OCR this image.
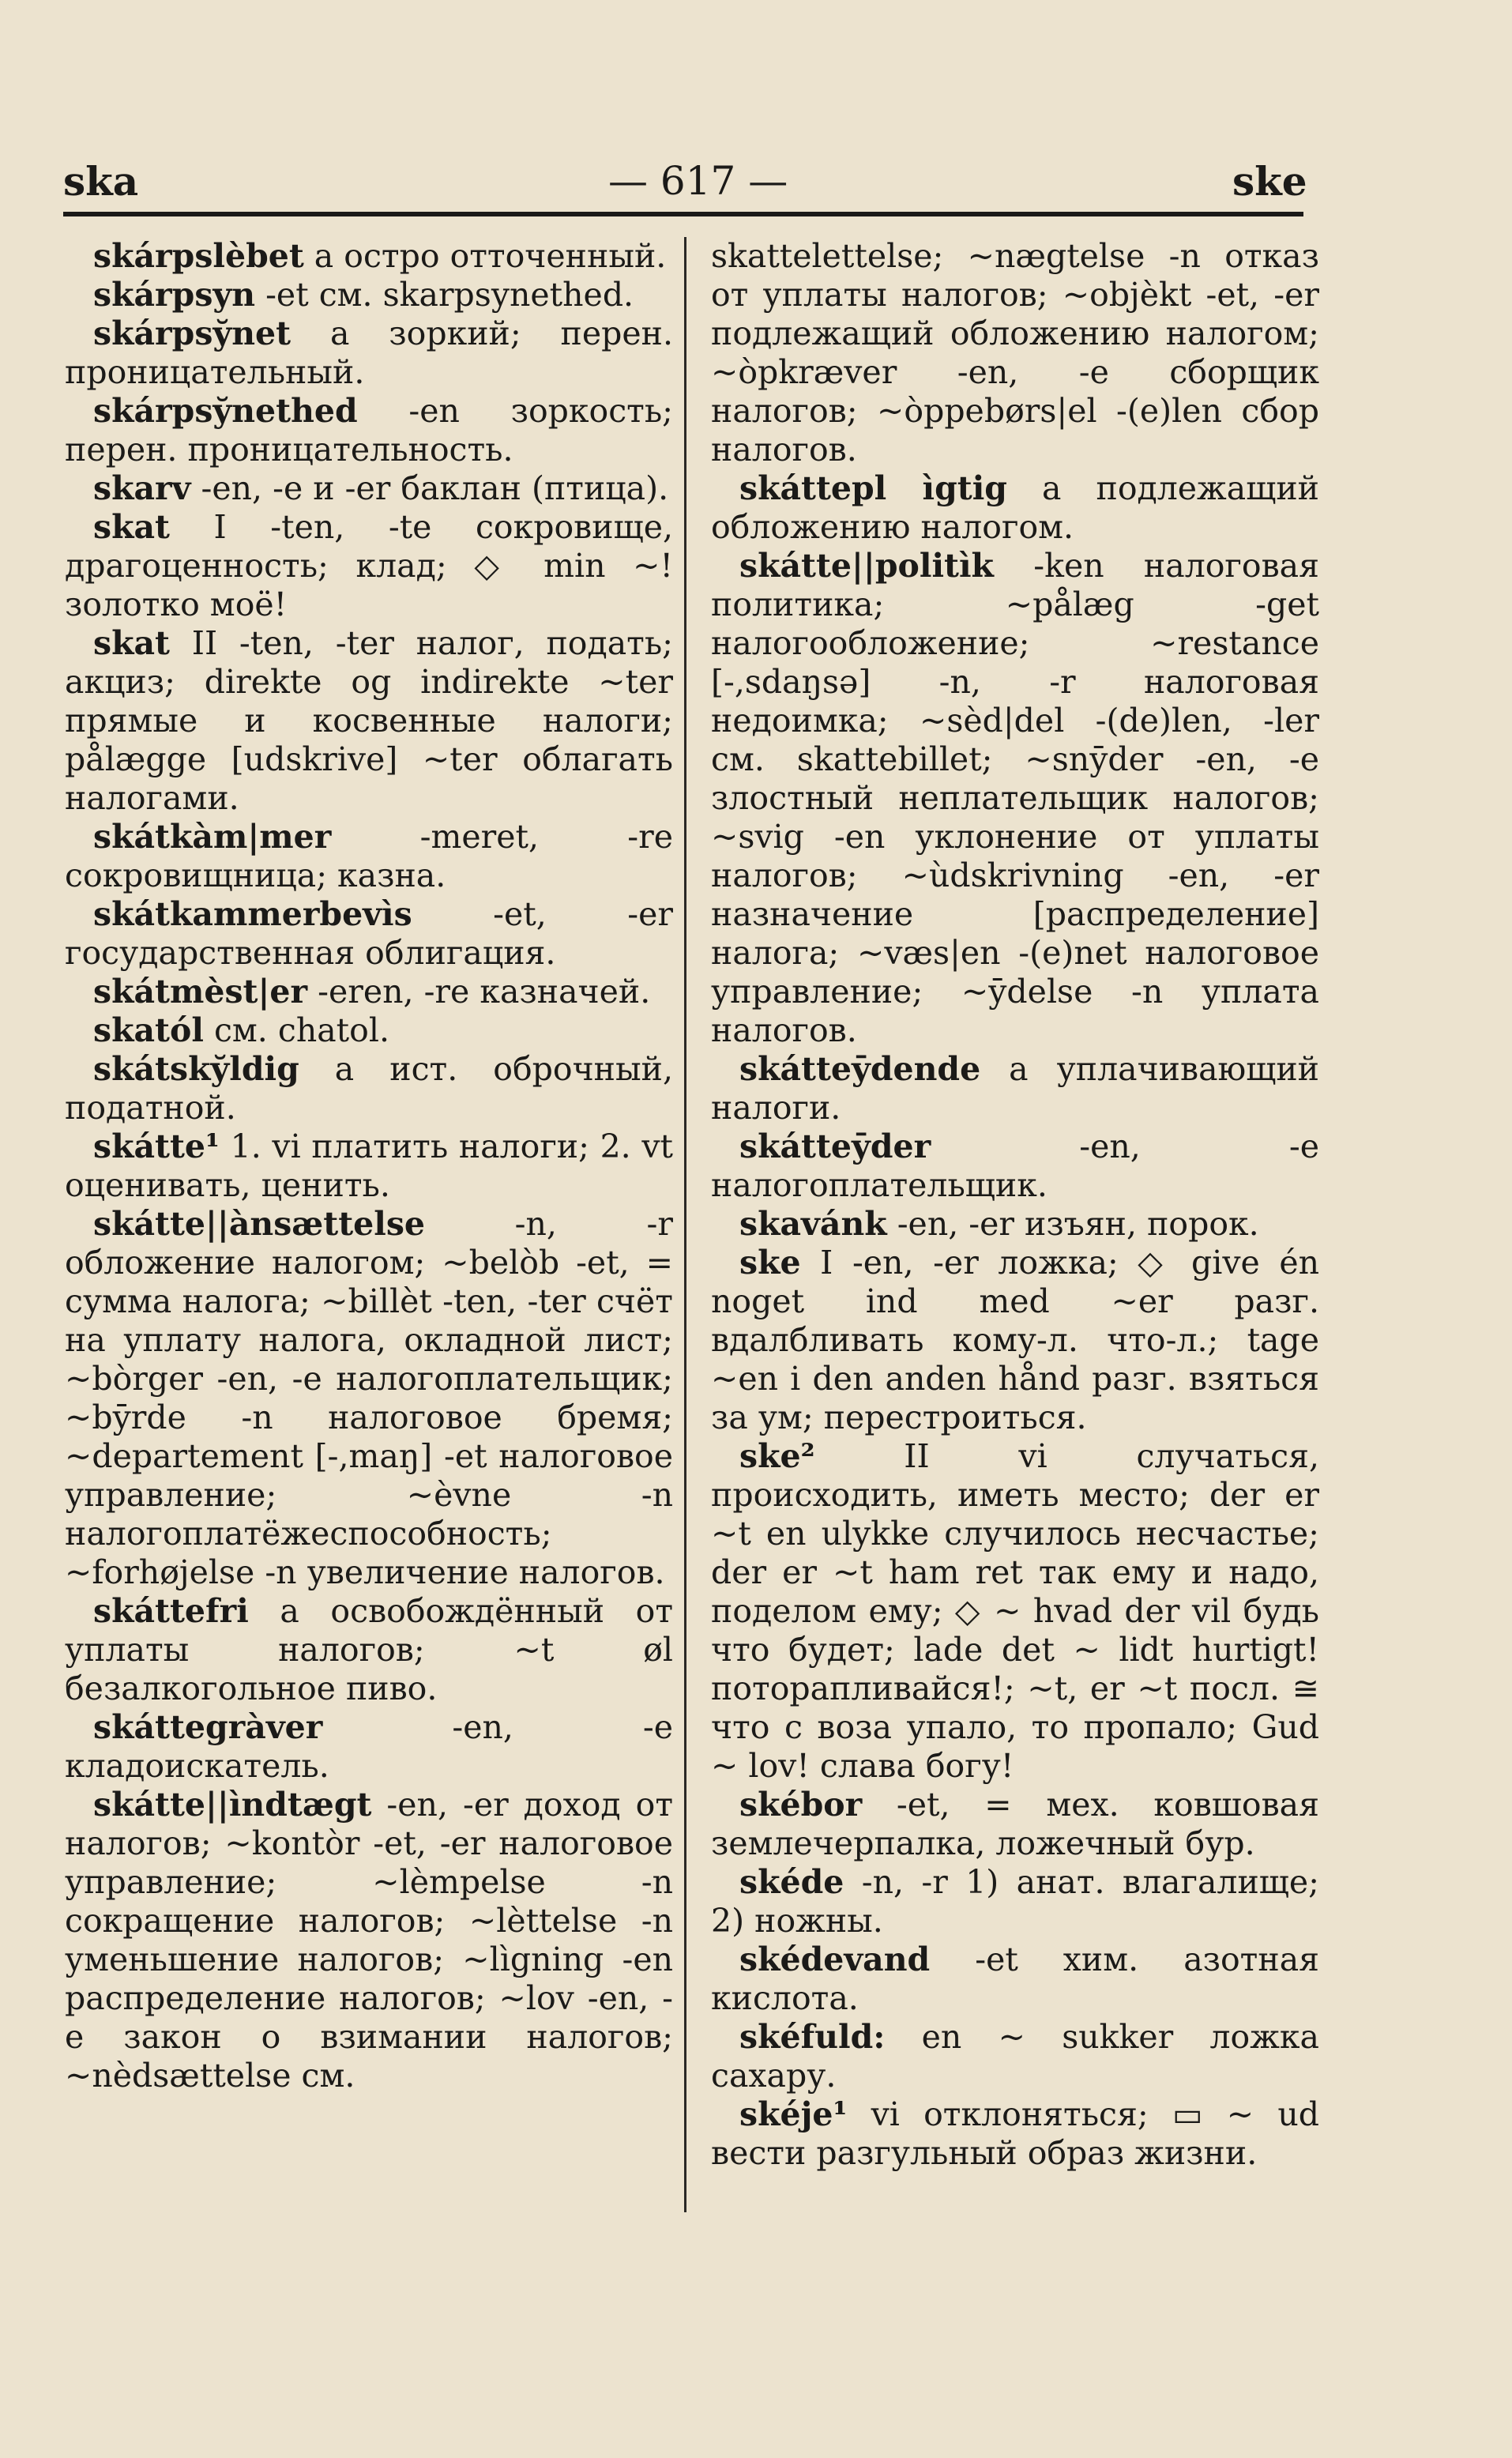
ska	— 617 —	ske
skárpslèbet a остро отточенный.
skárpsyn -et см. skarpsynethed.
skárpsy̆net a зоркий; перен. проницательный.
skárpsy̆nethed -en зоркость; перен. проницательность.
skarv -en, -e и -er баклан (птица).
skat I -ten, -te сокровище, драгоценность; клад; ◇ min ~! золотко моё!
skat II -ten, -ter налог, подать; акциз; direkte og indirekte ~ter прямые и косвенные налоги; pålægge [udskrive] ~ter облагать налогами.
skátkàm|mer -meret, -re сокровищница; казна.
skátkammerbevìs -et, -er государственная облигация.
skátmèst|er -eren, -re казначей.
skatól см. chatol.
skátsky̆ldig a ист. оброчный, податной.
skátte¹ 1. vi платить налоги; 2. vt оценивать, ценить.
skátte||ànsættelse -n, -r обложение налогом; ~belòb -et, = сумма налога; ~billèt -ten, -ter счёт на уплату налога, окладной лист; ~bòrger -en, -e налогоплательщик; ~bȳrde -n налоговое бремя; ~departement [-,maŋ] -et налоговое управление; ~èvne -n налогоплатёжеспособность; ~forhøjelse -n увеличение налогов.
skáttefri a освобождённый от уплаты налогов; ~t øl безалкогольное пиво.
skáttegràver -en, -e кладоискатель.
skátte||ìndtægt -en, -er доход от налогов; ~kontòr -et, -er налоговое управление; ~lèmpelse -n сокращение налогов; ~lèttelse -n уменьшение налогов; ~lìgning -en распределение налогов; ~lov -en, -e закон о взимании налогов; ~nèdsættelse см.
skattelettelse; ~nægtelse -n отказ от уплаты налогов; ~objèkt -et, -er подлежащий обложению налогом; ~òpkræver -en, -e сборщик налогов; ~òppebørs|el -(e)len сбор налогов.
skáttepl ìgtig a подлежащий обложению налогом.
skátte||politìk -ken налоговая политика; ~pålæg -get налогообложение; ~restance [-,sdaŋsə] -n, -r налоговая недоимка; ~sèd|del -(de)len, -ler см. skattebillet; ~snȳder -en, -e злостный неплательщик налогов; ~svig -en уклонение от уплаты налогов; ~ùdskrivning -en, -er назначение [распределение] налога; ~væs|en -(e)net налоговое управление; ~ȳdelse -n уплата налогов.
skátteȳdende a уплачивающий налоги.
skátteȳder -en, -e налогоплательщик.
skavánk -en, -er изъян, порок.
ske I -en, -er ложка; ◇ give én noget ind med ~er разг. вдалбливать кому-л. что-л.; tage ~en i den anden hånd разг. взяться за ум; перестроиться.
ske² II vi случаться, происходить, иметь место; der er ~t en ulykke случилось несчастье; der er ~t ham ret так ему и надо, поделом ему; ◇ ~ hvad der vil будь что будет; lade det ~ lidt hurtigt! поторапливайся!; ~t, er ~t посл. ≅ что с воза упало, то пропало; Gud ~ lov! слава богу!
skébor -et, = мех. ковшовая землечерпалка, ложечный бур.
skéde -n, -r 1) анат. влагалище; 2) ножны.
skédevand -et хим. азотная кислота.
skéfuld: en ~ sukker ложка сахару.
skéje¹ vi отклоняться; ▭ ~ ud вести разгульный образ жизни.
